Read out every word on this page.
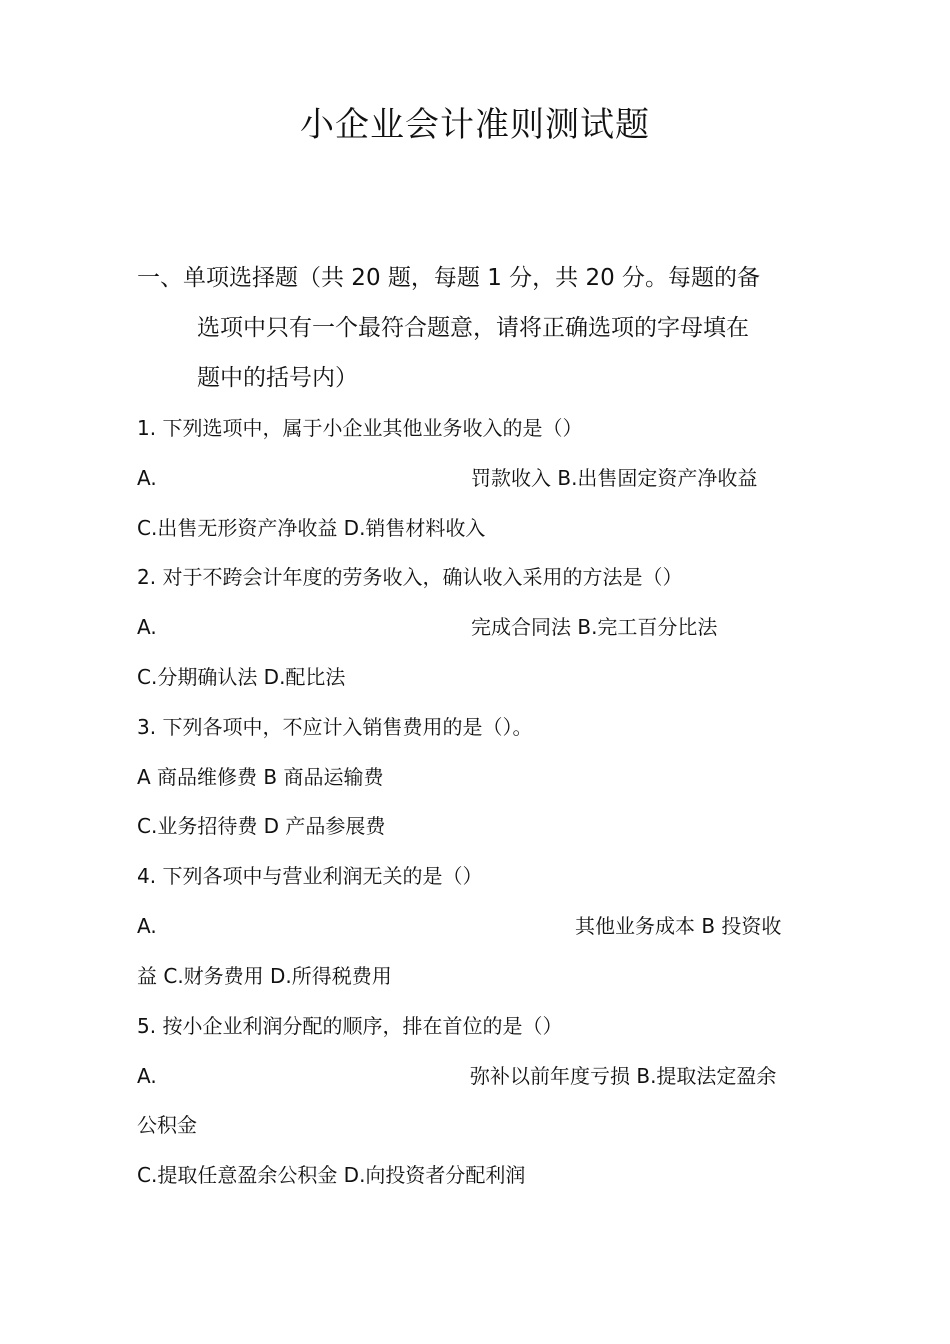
小企业会计准则测试题
一、单项选择题（共 20 题，每题 1 分，共 20 分。每题的备
选项中只有一个最符合题意，请将正确选项的字母填在
题中的括号内）
1. 下列选项中，属于小企业其他业务收入的是（）
A.	罚款收入 B.出售固定资产净收益
C.出售无形资产净收益 D.销售材料收入
2. 对于不跨会计年度的劳务收入，确认收入采用的方法是（）
A.	完成合同法 B.完工百分比法
C.分期确认法 D.配比法
3. 下列各项中，不应计入销售费用的是（）。
A 商品维修费 B 商品运输费
C.业务招待费 D 产品参展费
4. 下列各项中与营业利润无关的是（）
A.	其他业务成本 B 投资收
益 C.财务费用 D.所得税费用
5. 按小企业利润分配的顺序，排在首位的是（）
A.	弥补以前年度亏损 B.提取法定盈余
公积金
C.提取任意盈余公积金 D.向投资者分配利润
